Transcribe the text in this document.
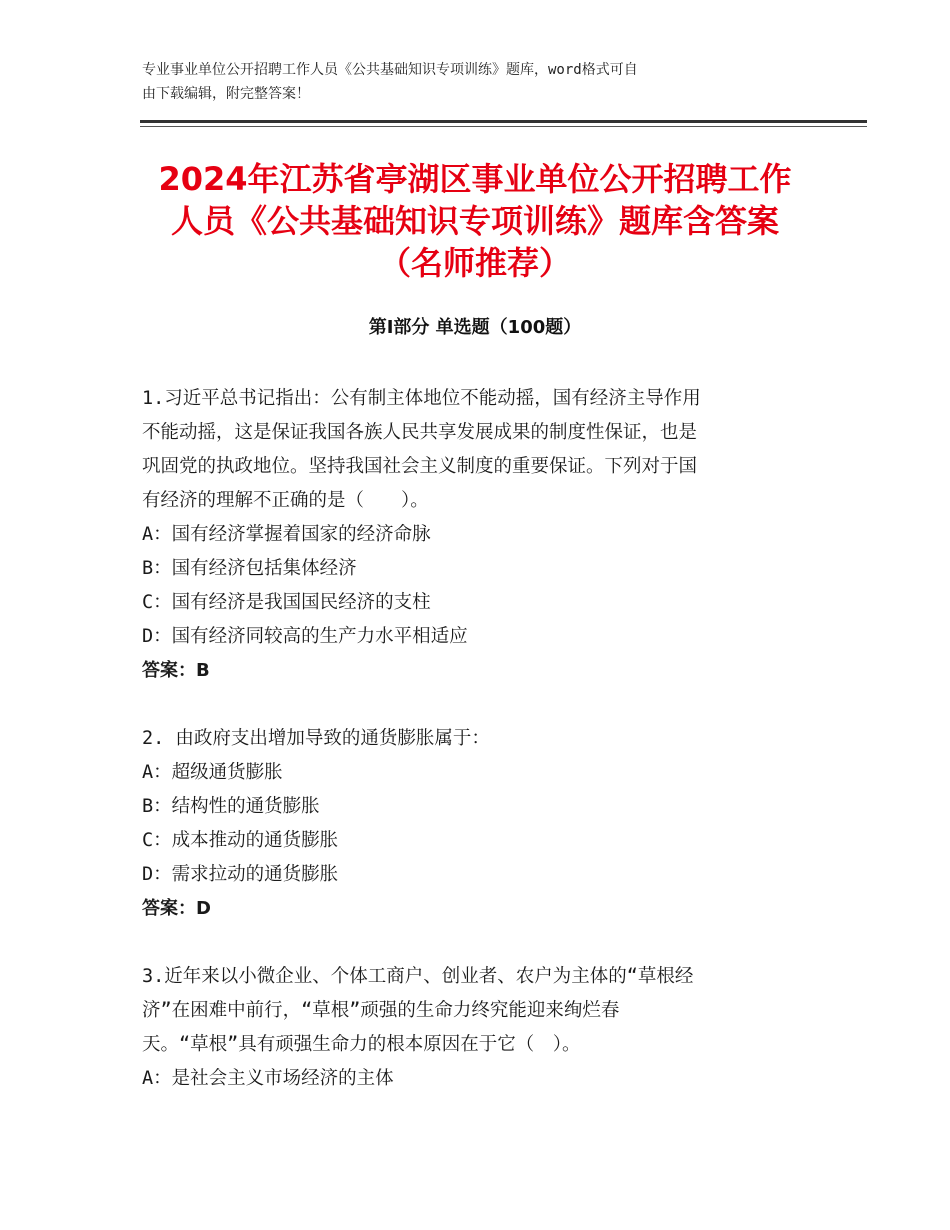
专业事业单位公开招聘工作人员《公共基础知识专项训练》题库，word格式可自
由下载编辑，附完整答案！
2024年江苏省亭湖区事业单位公开招聘工作
人员《公共基础知识专项训练》题库含答案
（名师推荐）
第I部分 单选题（100题）
1.习近平总书记指出：公有制主体地位不能动摇，国有经济主导作用
不能动摇，这是保证我国各族人民共享发展成果的制度性保证，也是
巩固党的执政地位。坚持我国社会主义制度的重要保证。下列对于国
有经济的理解不正确的是（　　）。
A：国有经济掌握着国家的经济命脉
B：国有经济包括集体经济
C：国有经济是我国国民经济的支柱
D：国有经济同较高的生产力水平相适应
答案：B
2. 由政府支出增加导致的通货膨胀属于：
A：超级通货膨胀
B：结构性的通货膨胀
C：成本推动的通货膨胀
D：需求拉动的通货膨胀
答案：D
3.近年来以小微企业、个体工商户、创业者、农户为主体的“草根经
济”在困难中前行，“草根”顽强的生命力终究能迎来绚烂春
天。“草根”具有顽强生命力的根本原因在于它（　）。
A：是社会主义市场经济的主体
